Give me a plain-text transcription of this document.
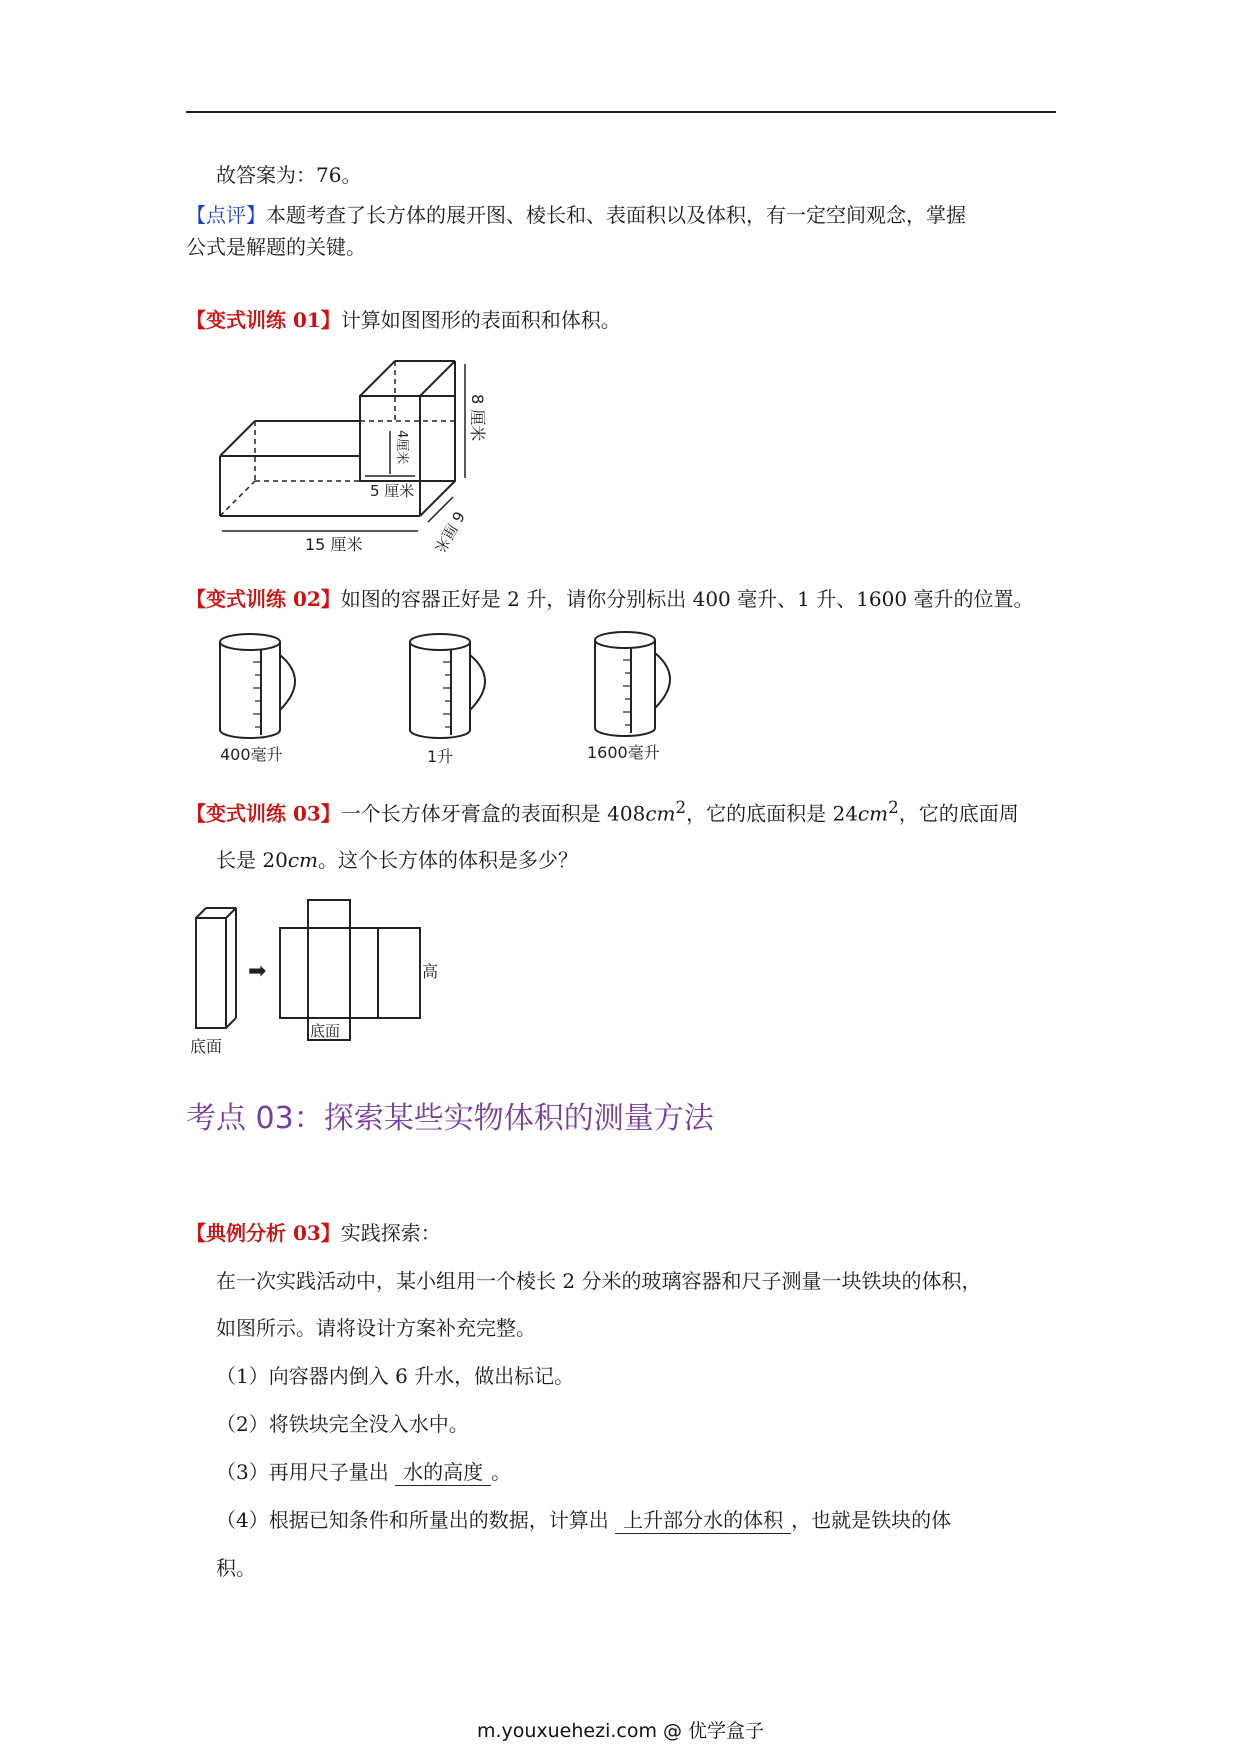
故答案为：76。
【点评】本题考查了长方体的展开图、棱长和、表面积以及体积，有一定空间观念，掌握
公式是解题的关键。
【变式训练 01】计算如图图形的表面积和体积。
15 厘米
5 厘米
4厘米
8 厘米
6 厘米
【变式训练 02】如图的容器正好是 2 升，请你分别标出 400 毫升、1 升、1600 毫升的位置。
400毫升	1升	1600毫升
【变式训练 03】一个长方体牙膏盒的表面积是 $408cm^2$，它的底面积是 $24cm^2$，它的底面周
长是 20cm。这个长方体的体积是多少？
➡	高
底面
底面
考点 03：探索某些实物体积的测量方法
【典例分析 03】实践探索：
在一次实践活动中，某小组用一个棱长 2 分米的玻璃容器和尺子测量一块铁块的体积，
如图所示。请将设计方案补充完整。
（1）向容器内倒入 6 升水，做出标记。
（2）将铁块完全没入水中。
（3）再用尺子量出 水的高度 。
（4）根据已知条件和所量出的数据，计算出 上升部分水的体积 ，也就是铁块的体
积。
m.youxuehezi.com @ 优学盒子
